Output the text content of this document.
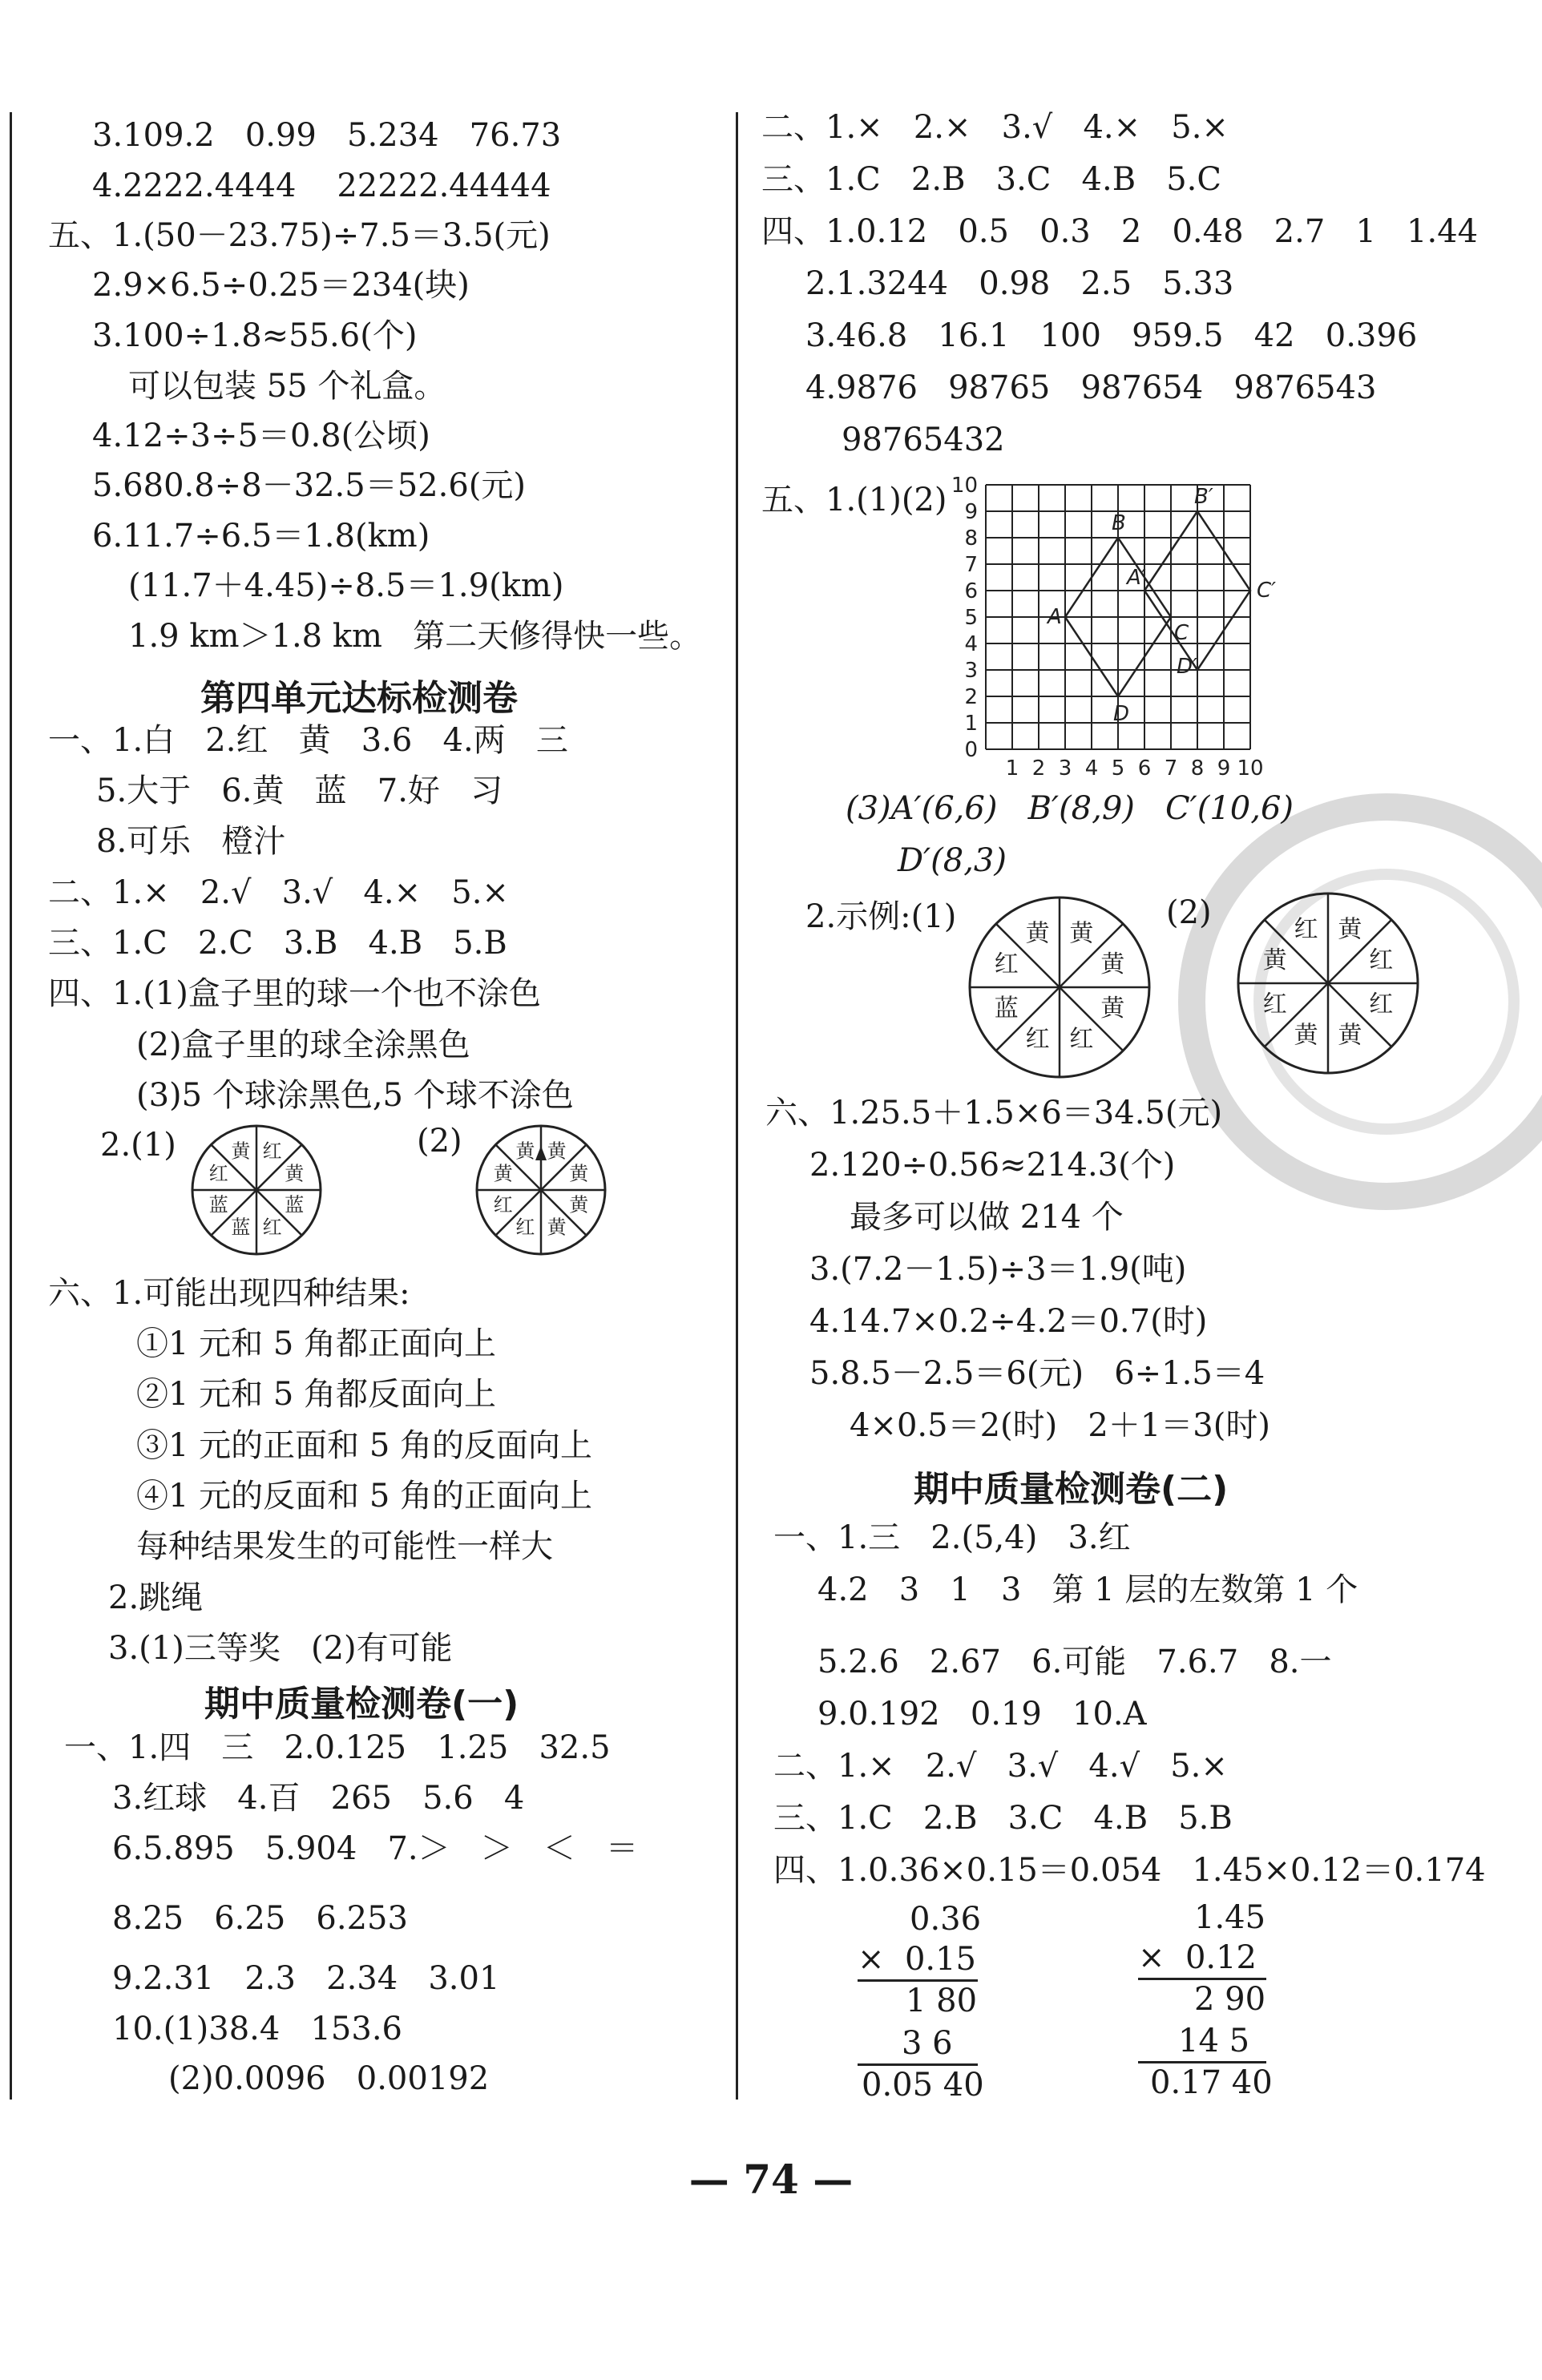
3.109.2   0.99   5.234   76.73
4.2222.4444    22222.44444
五、1.(50－23.75)÷7.5＝3.5(元)
2.9×6.5÷0.25＝234(块)
3.100÷1.8≈55.6(个)
可以包装 55 个礼盒。
4.12÷3÷5＝0.8(公顷)
5.680.8÷8－32.5＝52.6(元)
6.11.7÷6.5＝1.8(km)
(11.7＋4.45)÷8.5＝1.9(km)
1.9 km＞1.8 km   第二天修得快一些。
第四单元达标检测卷
一、1.白   2.红   黄   3.6   4.两   三
5.大于   6.黄   蓝   7.好   习
8.可乐   橙汁
二、1.×   2.√   3.√   4.×   5.×
三、1.C   2.C   3.B   4.B   5.B
四、1.(1)盒子里的球一个也不涂色
(2)盒子里的球全涂黑色
(3)5 个球涂黑色,5 个球不涂色
2.(1)	(2)
红
黄
蓝
红
蓝
蓝
红
黄	黄
黄
黄
黄
红
红
黄
黄
六、1.可能出现四种结果:
①1 元和 5 角都正面向上
②1 元和 5 角都反面向上
③1 元的正面和 5 角的反面向上
④1 元的反面和 5 角的正面向上
每种结果发生的可能性一样大
2.跳绳
3.(1)三等奖   (2)有可能
期中质量检测卷(一)
一、1.四   三   2.0.125   1.25   32.5
3.红球   4.百   265   5.6   4
6.5.895   5.904   7.＞   ＞   ＜   ＝
8.25   6.25   6.253
9.2.31   2.3   2.34   3.01
10.(1)38.4   153.6
(2)0.0096   0.00192
二、1.×   2.×   3.√   4.×   5.×
三、1.C   2.B   3.C   4.B   5.C
四、1.0.12   0.5   0.3   2   0.48   2.7   1   1.44
2.1.3244   0.98   2.5   5.33
3.46.8   16.1   100   959.5   42   0.396
4.9876   98765   987654   9876543
98765432
五、1.(1)(2) 10
9
8
7
6
5
4
3
2
1
0
1 2 3 4 5 6 7 8 9 10
A
B
C
D
A′
B′
C′
D′
(3)A′(6,6)   B′(8,9)   C′(10,6)
D′(8,3)
2.示例:(1)	(2)
黄
黄
黄
红
红
蓝
红
黄	黄
红
红
黄
黄
红
黄
红
六、1.25.5＋1.5×6＝34.5(元)
2.120÷0.56≈214.3(个)
最多可以做 214 个
3.(7.2－1.5)÷3＝1.9(吨)
4.14.7×0.2÷4.2＝0.7(时)
5.8.5－2.5＝6(元)   6÷1.5＝4
4×0.5＝2(时)   2＋1＝3(时)
期中质量检测卷(二)
一、1.三   2.(5,4)   3.红
4.2   3   1   3   第 1 层的左数第 1 个
5.2.6   2.67   6.可能   7.6.7   8.一
9.0.192   0.19   10.A
二、1.×   2.√   3.√   4.√   5.×
三、1.C   2.B   3.C   4.B   5.B
四、1.0.36×0.15＝0.054   1.45×0.12＝0.174
0.36
×  0.15
1 80
3 6
0.05 40
1.45
×  0.12
2 90
14 5
0.17 40
— 74 —
